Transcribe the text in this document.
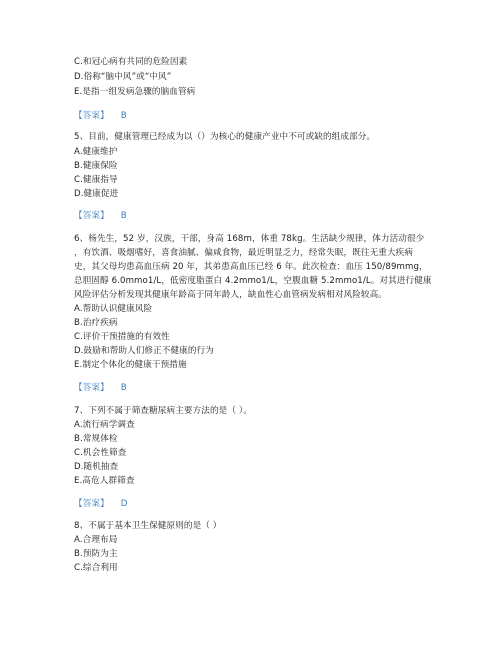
C.和冠心病有共同的危险因素
D.俗称“脑中风”或“中风”
E.是指一组发病急骤的脑血管病
【答案】 B
5、目前，健康管理已经成为以（）为核心的健康产业中不可或缺的组成部分。
A.健康维护
B.健康保险
C.健康指导
D.健康促进
【答案】 B
6、杨先生，52 岁，汉族，干部，身高 168m，体重 78kg。生活缺少规律，体力活动很少
，有饮酒、吸烟嗜好，喜食油腻、偏咸食物，最近明显乏力，经常失眠，既往无重大疾病
史，其父母均患高血压病 20 年，其弟患高血压已经 6 年。此次检查：血压 150/89mmg，
总胆固醇 6.0mmo1/L，低密度脂蛋白 4.2mmo1/L，空腹血糖 5.2mmo1/L。对其进行健康
风险评估分析发现其健康年龄高于同年龄人，缺血性心血管病发病相对风险较高。
A.帮助认识健康风险
B.治疗疾病
C.评价干预措施的有效性
D.鼓励和帮助人们修正不健康的行为
E.制定个体化的健康干预措施
【答案】 B
7、下列不属于筛查糖尿病主要方法的是（ ）。
A.流行病学调查
B.常规体检
C.机会性筛查
D.随机抽查
E.高危人群筛查
【答案】 D
8、不属于基本卫生保健原则的是（ ）
A.合理布局
B.预防为主
C.综合利用
